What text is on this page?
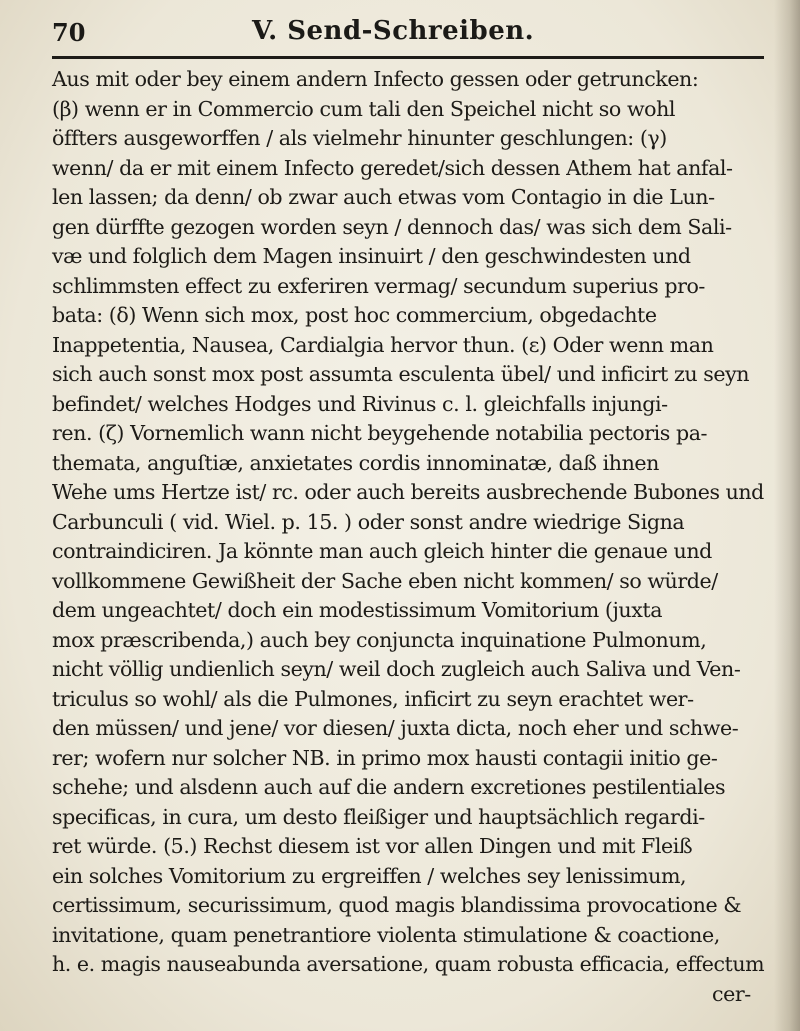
70	V. Send-Schreiben.
Aus mit oder bey einem andern Infecto gessen oder getruncken:
(β) wenn er in Commercio cum tali den Speichel nicht so wohl
öffters ausgeworffen / als vielmehr hinunter geschlungen: (γ)
wenn/ da er mit einem Infecto geredet/sich dessen Athem hat anfal-
len lassen; da denn/ ob zwar auch etwas vom Contagio in die Lun-
gen dürffte gezogen worden seyn / dennoch das/ was sich dem Sali-
væ und folglich dem Magen insinuirt / den geschwindesten und
schlimmsten effect zu exferiren vermag/ secundum superius pro-
bata: (δ) Wenn sich mox, post hoc commercium, obgedachte
Inappetentia, Nausea, Cardialgia hervor thun. (ε) Oder wenn man
sich auch sonst mox post assumta esculenta übel/ und inficirt zu seyn
befindet/ welches Hodges und Rivinus c. l. gleichfalls injungi-
ren. (ζ) Vornemlich wann nicht beygehende notabilia pectoris pa-
themata, anguſtiæ, anxietates cordis innominatæ, daß ihnen
Wehe ums Hertze ist/ rc. oder auch bereits ausbrechende Bubones und
Carbunculi ( vid. Wiel. p. 15. ) oder sonst andre wiedrige Signa
contraindiciren. Ja könnte man auch gleich hinter die genaue und
vollkommene Gewißheit der Sache eben nicht kommen/ so würde/
dem ungeachtet/ doch ein modestissimum Vomitorium (juxta
mox præscribenda,) auch bey conjuncta inquinatione Pulmonum,
nicht völlig undienlich seyn/ weil doch zugleich auch Saliva und Ven-
triculus so wohl/ als die Pulmones, inficirt zu seyn erachtet wer-
den müssen/ und jene/ vor diesen/ juxta dicta, noch eher und schwe-
rer; wofern nur solcher NB. in primo mox hausti contagii initio ge-
schehe; und alsdenn auch auf die andern excretiones pestilentiales
specificas, in cura, um desto fleißiger und hauptsächlich regardi-
ret würde. (5.) Rechst diesem ist vor allen Dingen und mit Fleiß
ein solches Vomitorium zu ergreiffen / welches sey lenissimum,
certissimum, securissimum, quod magis blandissima provocatione &
invitatione, quam penetrantiore violenta stimulatione & coactione,
h. e. magis nauseabunda aversatione, quam robusta efficacia, effectum
cer-
